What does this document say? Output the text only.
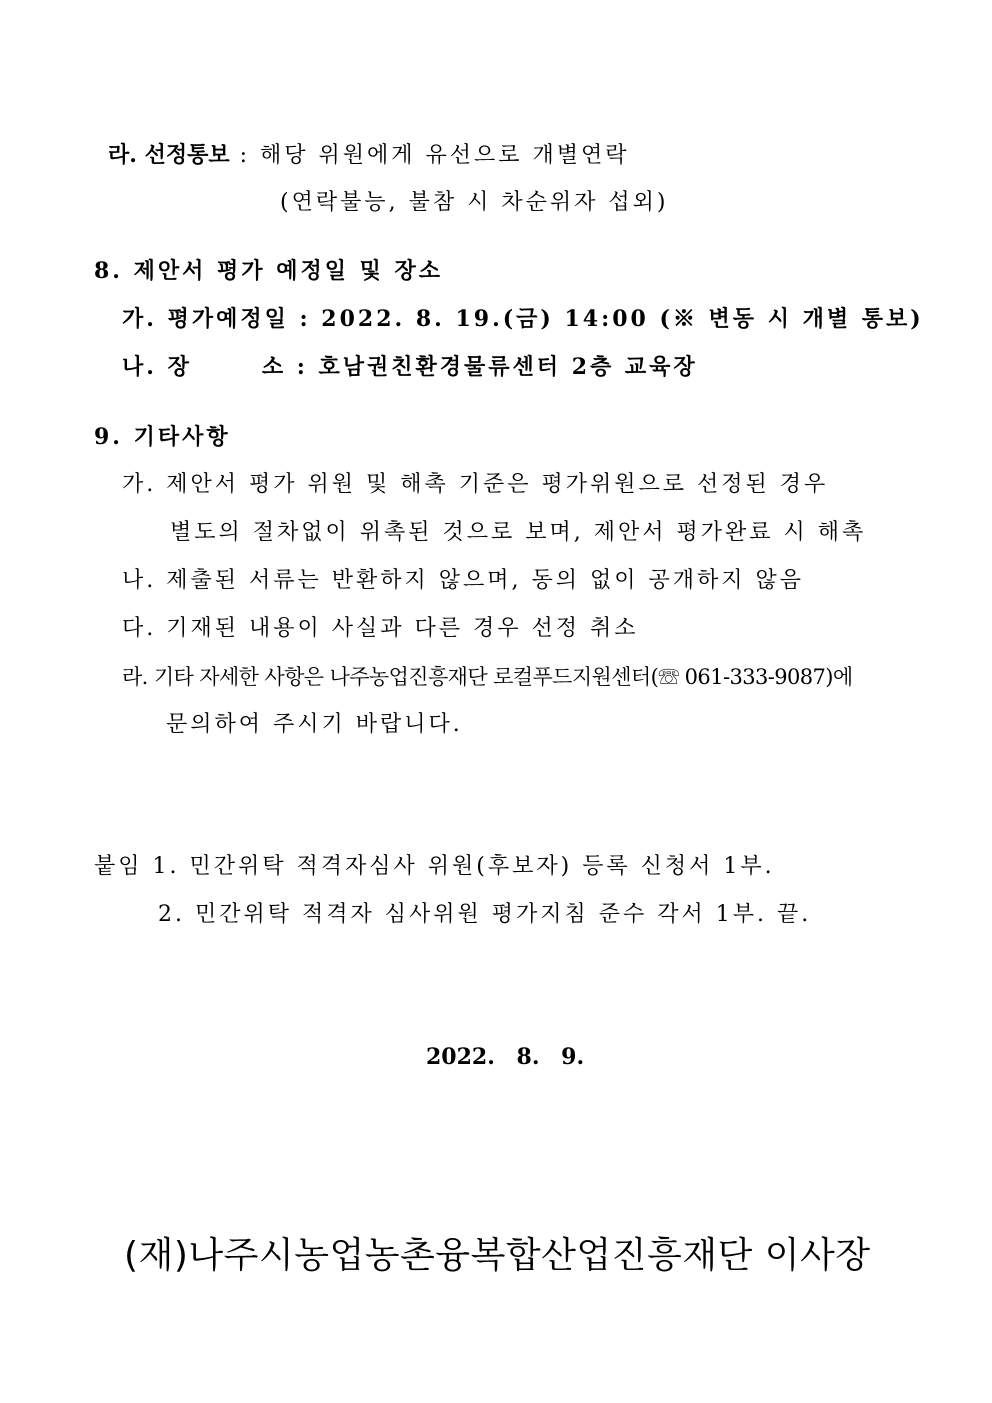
라. 선정통보 : 해당 위원에게 유선으로 개별연락
(연락불능, 불참 시 차순위자 섭외)
8. 제안서 평가 예정일 및 장소
가. 평가예정일 : 2022. 8. 19.(금) 14:00 (※ 변동 시 개별 통보)
나. 장	소 : 호남권친환경물류센터 2층 교육장
9. 기타사항
가. 제안서 평가 위원 및 해촉 기준은 평가위원으로 선정된 경우
별도의 절차없이 위촉된 것으로 보며, 제안서 평가완료 시 해촉
나. 제출된 서류는 반환하지 않으며, 동의 없이 공개하지 않음
다. 기재된 내용이 사실과 다른 경우 선정 취소
라. 기타 자세한 사항은 나주농업진흥재단 로컬푸드지원센터(☏ 061-333-9087)에
문의하여 주시기 바랍니다.
붙임 1. 민간위탁 적격자심사 위원(후보자) 등록 신청서 1부.
2. 민간위탁 적격자 심사위원 평가지침 준수 각서 1부. 끝.
2022. 8. 9.
(재)나주시농업농촌융복합산업진흥재단 이사장
